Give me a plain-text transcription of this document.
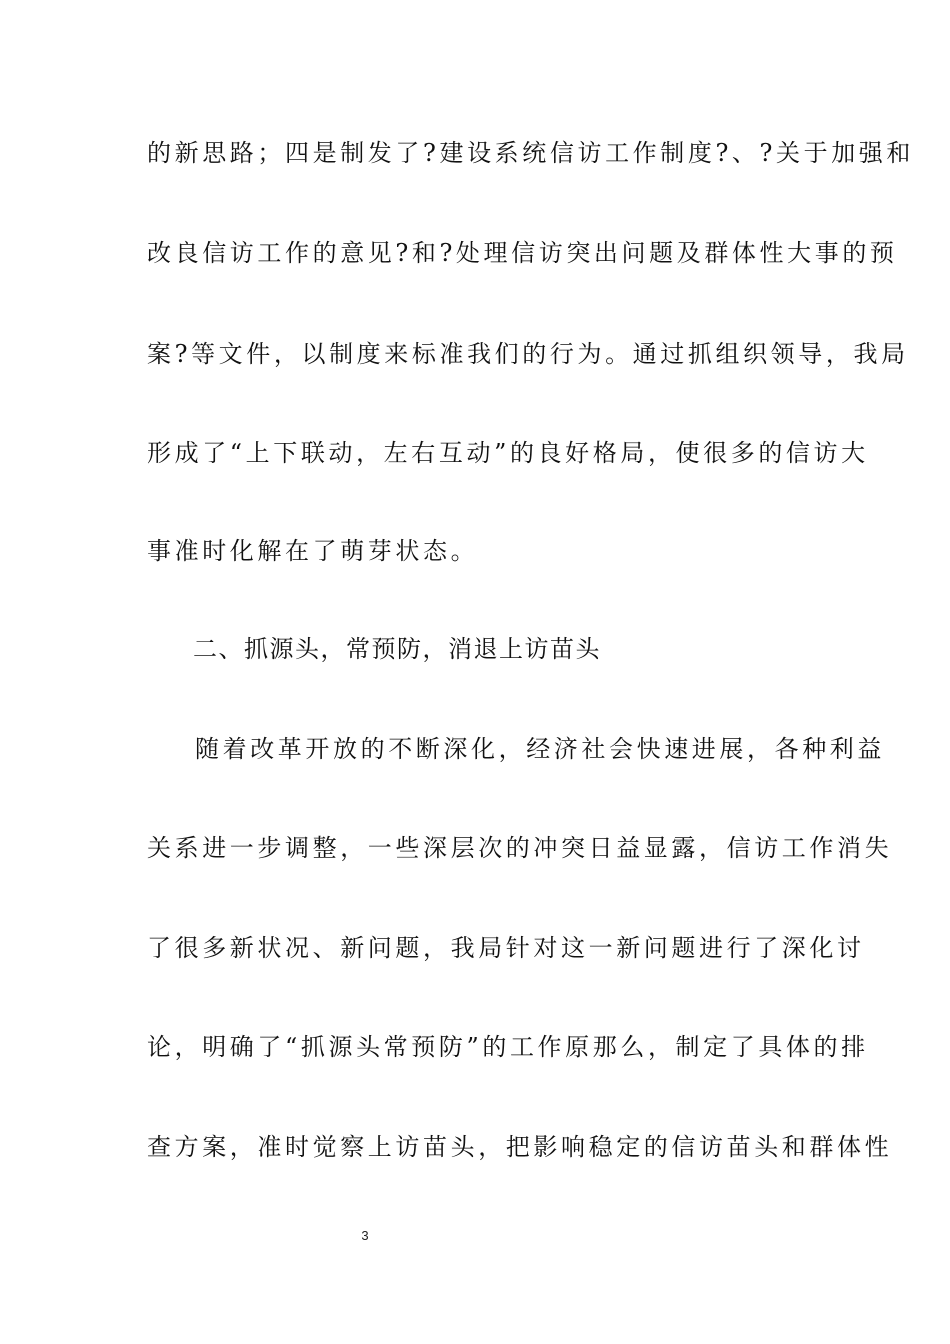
的新思路；四是制发了?建设系统信访工作制度?、?关于加强和
改良信访工作的意见?和?处理信访突出问题及群体性大事的预
案?等文件，以制度来标准我们的行为。通过抓组织领导，我局
形成了“上下联动，左右互动”的良好格局，使很多的信访大
事准时化解在了萌芽状态。
二、抓源头，常预防，消退上访苗头
随着改革开放的不断深化，经济社会快速进展，各种利益
关系进一步调整，一些深层次的冲突日益显露，信访工作消失
了很多新状况、新问题，我局针对这一新问题进行了深化讨
论，明确了“抓源头常预防”的工作原那么，制定了具体的排
查方案，准时觉察上访苗头，把影响稳定的信访苗头和群体性
3
